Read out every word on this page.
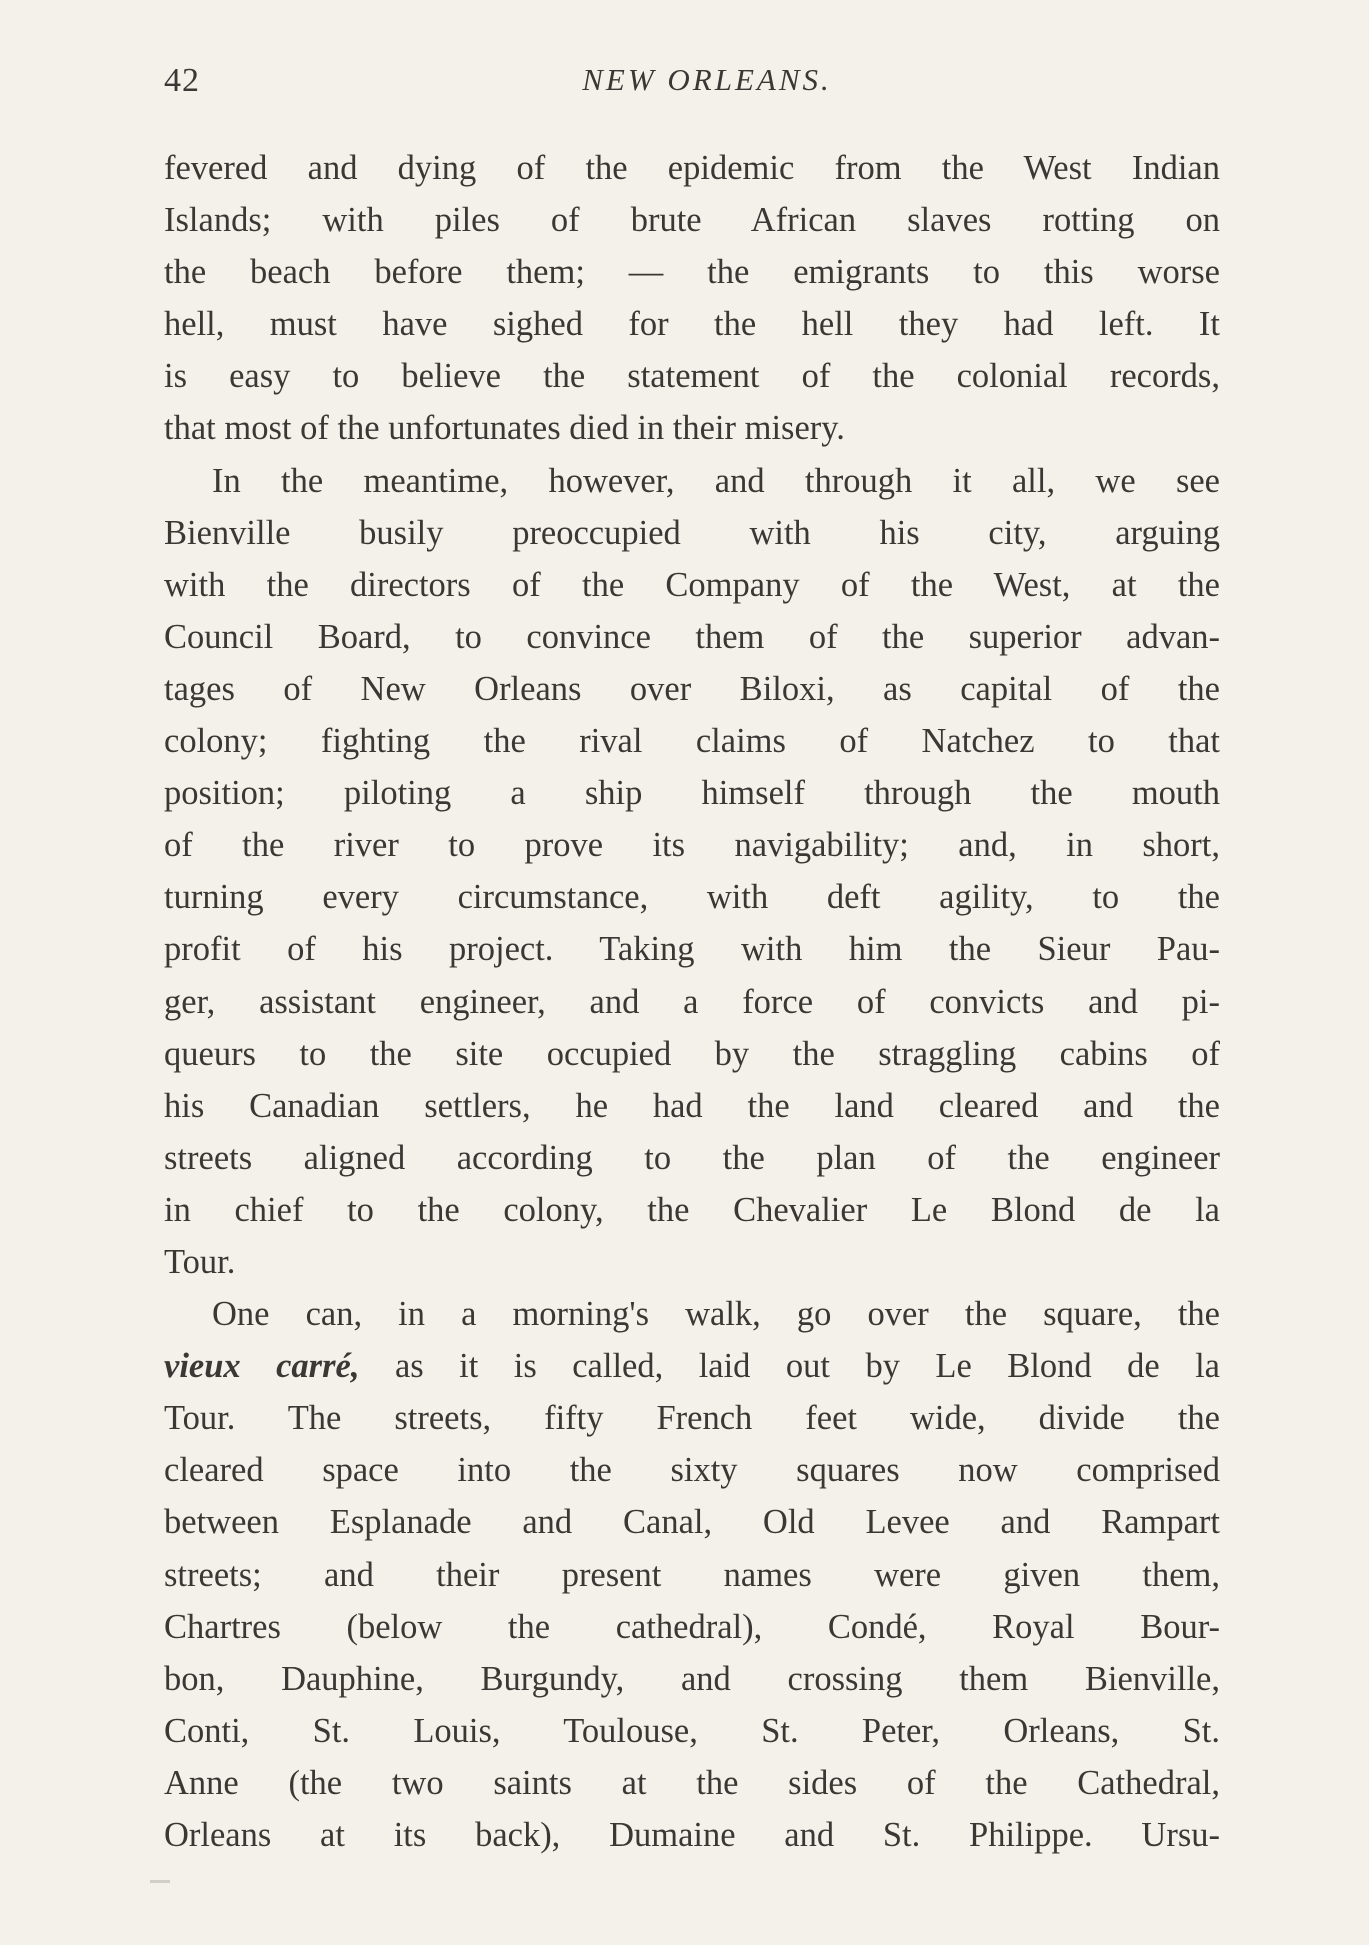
42	NEW ORLEANS.
fevered and dying of the epidemic from the West Indian
Islands; with piles of brute African slaves rotting on
the beach before them; — the emigrants to this worse
hell, must have sighed for the hell they had left. It
is easy to believe the statement of the colonial records,
that most of the unfortunates died in their misery.
In the meantime, however, and through it all, we see
Bienville busily preoccupied with his city, arguing
with the directors of the Company of the West, at the
Council Board, to convince them of the superior advan-
tages of New Orleans over Biloxi, as capital of the
colony; fighting the rival claims of Natchez to that
position; piloting a ship himself through the mouth
of the river to prove its navigability; and, in short,
turning every circumstance, with deft agility, to the
profit of his project. Taking with him the Sieur Pau-
ger, assistant engineer, and a force of convicts and pi-
queurs to the site occupied by the straggling cabins of
his Canadian settlers, he had the land cleared and the
streets aligned according to the plan of the engineer
in chief to the colony, the Chevalier Le Blond de la
Tour.
One can, in a morning's walk, go over the square, the
vieux carré, as it is called, laid out by Le Blond de la
Tour. The streets, fifty French feet wide, divide the
cleared space into the sixty squares now comprised
between Esplanade and Canal, Old Levee and Rampart
streets; and their present names were given them,
Chartres (below the cathedral), Condé, Royal Bour-
bon, Dauphine, Burgundy, and crossing them Bienville,
Conti, St. Louis, Toulouse, St. Peter, Orleans, St.
Anne (the two saints at the sides of the Cathedral,
Orleans at its back), Dumaine and St. Philippe. Ursu-
